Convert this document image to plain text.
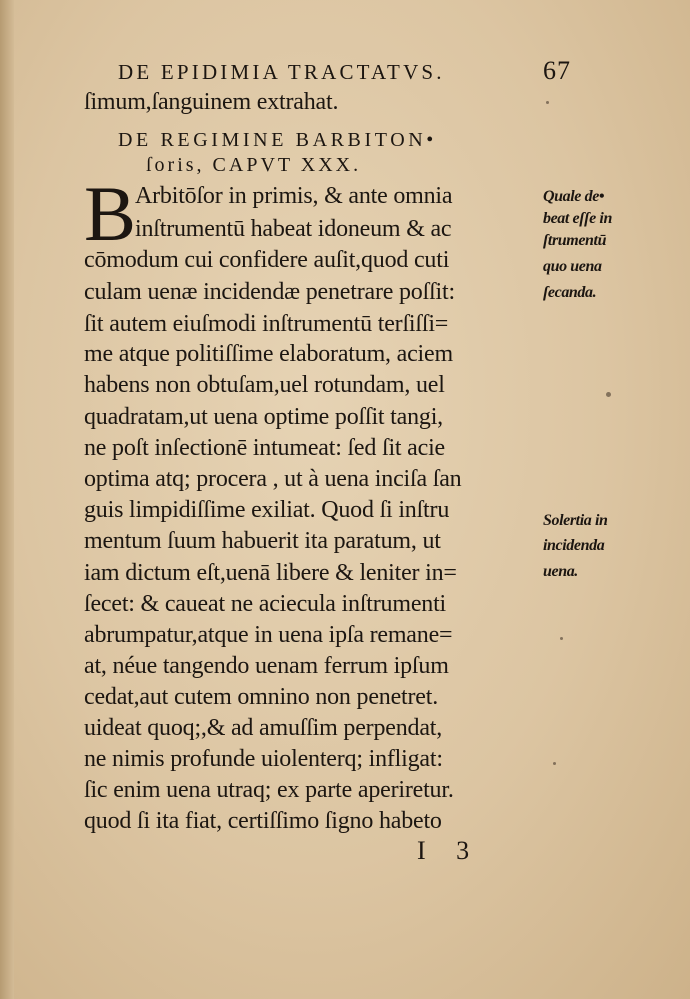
DE EPIDIMIA TRACTATVS.	67
ſimum,ſanguinem extrahat.
DE REGIMINE BARBITON•
ſoris, CAPVT XXX.
B
Arbitōſor in primis, & ante omnia
inſtrumentū habeat idoneum & ac
cōmodum cui confidere auſit,quod cuti
culam uenæ incidendæ penetrare poſſit:
ſit autem eiuſmodi inſtrumentū terſiſſi=
me atque politiſſime elaboratum, aciem
habens non obtuſam,uel rotundam, uel
quadratam,ut uena optime poſſit tangi,
ne poſt inſectionē intumeat: ſed ſit acie
optima atq; procera , ut à uena inciſa ſan
guis limpidiſſime exiliat. Quod ſi inſtru
mentum ſuum habuerit ita paratum, ut
iam dictum eſt,uenā libere & leniter in=
ſecet: & caueat ne aciecula inſtrumenti
abrumpatur,atque in uena ipſa remane=
at, néue tangendo uenam ferrum ipſum
cedat,aut cutem omnino non penetret.
uideat quoq;,& ad amuſſim perpendat,
ne nimis profunde uiolenterq; infligat:
ſic enim uena utraq; ex parte aperiretur.
quod ſi ita fiat, certiſſimo ſigno habeto
Quale de•
beat eſſe in
ſtrumentū
quo uena
ſecanda.
Solertia in
incidenda
uena.
I 3
